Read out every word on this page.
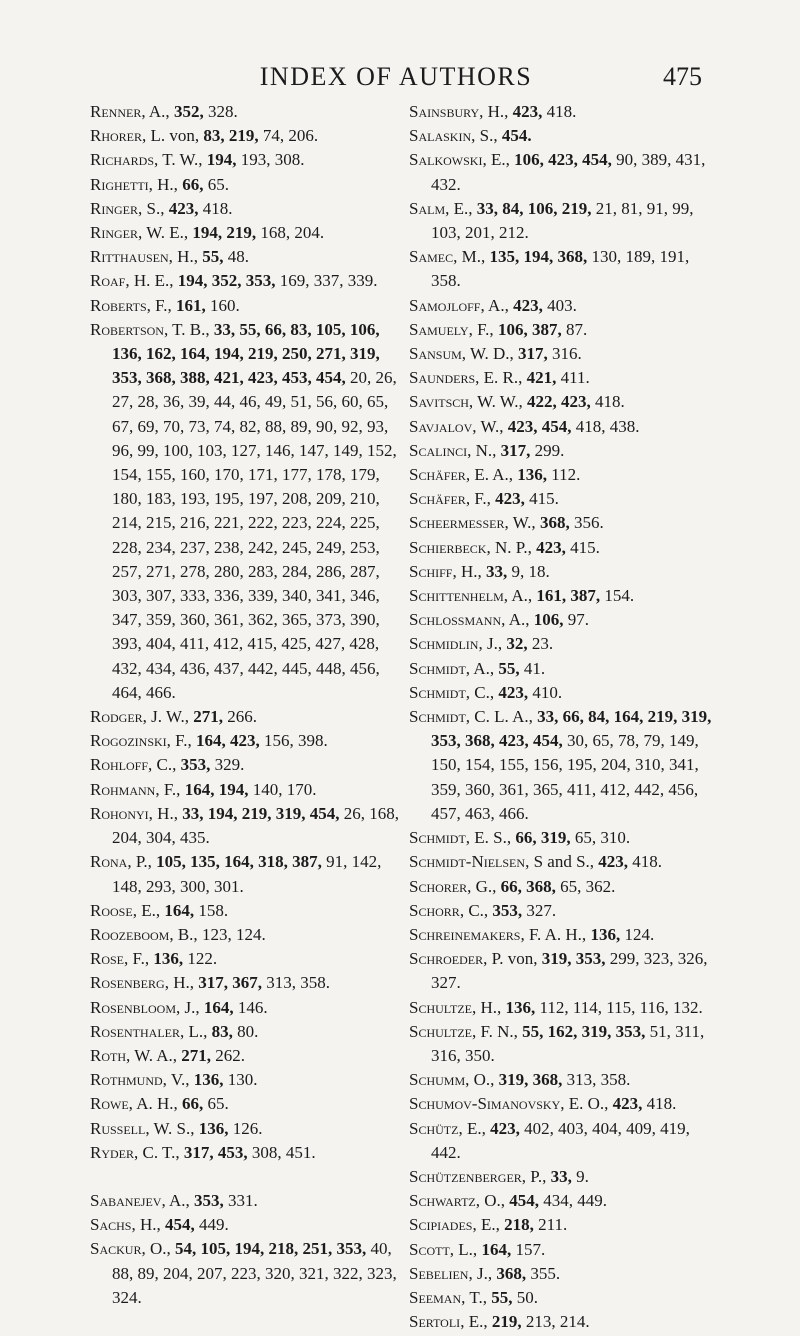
INDEX OF AUTHORS	475

Renner, A., 352, 328.

Rhorer, L. von, 83, 219, 74, 206.

Richards, T. W., 194, 193, 308.

Righetti, H., 66, 65.

Ringer, S., 423, 418.

Ringer, W. E., 194, 219, 168, 204.

Ritthausen, H., 55, 48.

Roaf, H. E., 194, 352, 353, 169, 337, 339.

Roberts, F., 161, 160.

Robertson, T. B., 33, 55, 66, 83, 105, 106, 136, 162, 164, 194, 219, 250, 271, 319, 353, 368, 388, 421, 423, 453, 454, 20, 26, 27, 28, 36, 39, 44, 46, 49, 51, 56, 60, 65, 67, 69, 70, 73, 74, 82, 88, 89, 90, 92, 93, 96, 99, 100, 103, 127, 146, 147, 149, 152, 154, 155, 160, 170, 171, 177, 178, 179, 180, 183, 193, 195, 197, 208, 209, 210, 214, 215, 216, 221, 222, 223, 224, 225, 228, 234, 237, 238, 242, 245, 249, 253, 257, 271, 278, 280, 283, 284, 286, 287, 303, 307, 333, 336, 339, 340, 341, 346, 347, 359, 360, 361, 362, 365, 373, 390, 393, 404, 411, 412, 415, 425, 427, 428, 432, 434, 436, 437, 442, 445, 448, 456, 464, 466.

Rodger, J. W., 271, 266.

Rogozinski, F., 164, 423, 156, 398.

Rohloff, C., 353, 329.

Rohmann, F., 164, 194, 140, 170.

Rohonyi, H., 33, 194, 219, 319, 454, 26, 168, 204, 304, 435.

Rona, P., 105, 135, 164, 318, 387, 91, 142, 148, 293, 300, 301.

Roose, E., 164, 158.

Roozeboom, B., 123, 124.

Rose, F., 136, 122.

Rosenberg, H., 317, 367, 313, 358.

Rosenbloom, J., 164, 146.

Rosenthaler, L., 83, 80.

Roth, W. A., 271, 262.

Rothmund, V., 136, 130.

Rowe, A. H., 66, 65.

Russell, W. S., 136, 126.

Ryder, C. T., 317, 453, 308, 451.

Sabanejev, A., 353, 331.

Sachs, H., 454, 449.

Sackur, O., 54, 105, 194, 218, 251, 353, 40, 88, 89, 204, 207, 223, 320, 321, 322, 323, 324.

Sainsbury, H., 423, 418.

Salaskin, S., 454.

Salkowski, E., 106, 423, 454, 90, 389, 431, 432.

Salm, E., 33, 84, 106, 219, 21, 81, 91, 99, 103, 201, 212.

Samec, M., 135, 194, 368, 130, 189, 191, 358.

Samojloff, A., 423, 403.

Samuely, F., 106, 387, 87.

Sansum, W. D., 317, 316.

Saunders, E. R., 421, 411.

Savitsch, W. W., 422, 423, 418.

Savjalov, W., 423, 454, 418, 438.

Scalinci, N., 317, 299.

Schäfer, E. A., 136, 112.

Schäfer, F., 423, 415.

Scheermesser, W., 368, 356.

Schierbeck, N. P., 423, 415.

Schiff, H., 33, 9, 18.

Schittenhelm, A., 161, 387, 154.

Schlossmann, A., 106, 97.

Schmidlin, J., 32, 23.

Schmidt, A., 55, 41.

Schmidt, C., 423, 410.

Schmidt, C. L. A., 33, 66, 84, 164, 219, 319, 353, 368, 423, 454, 30, 65, 78, 79, 149, 150, 154, 155, 156, 195, 204, 310, 341, 359, 360, 361, 365, 411, 412, 442, 456, 457, 463, 466.

Schmidt, E. S., 66, 319, 65, 310.

Schmidt-Nielsen, S and S., 423, 418.

Schorer, G., 66, 368, 65, 362.

Schorr, C., 353, 327.

Schreinemakers, F. A. H., 136, 124.

Schroeder, P. von, 319, 353, 299, 323, 326, 327.

Schultze, H., 136, 112, 114, 115, 116, 132.

Schultze, F. N., 55, 162, 319, 353, 51, 311, 316, 350.

Schumm, O., 319, 368, 313, 358.

Schumov-Simanovsky, E. O., 423, 418.

Schütz, E., 423, 402, 403, 404, 409, 419, 442.

Schützenberger, P., 33, 9.

Schwartz, O., 454, 434, 449.

Scipiades, E., 218, 211.

Scott, L., 164, 157.

Sebelien, J., 368, 355.

Seeman, T., 55, 50.

Sertoli, E., 219, 213, 214.
